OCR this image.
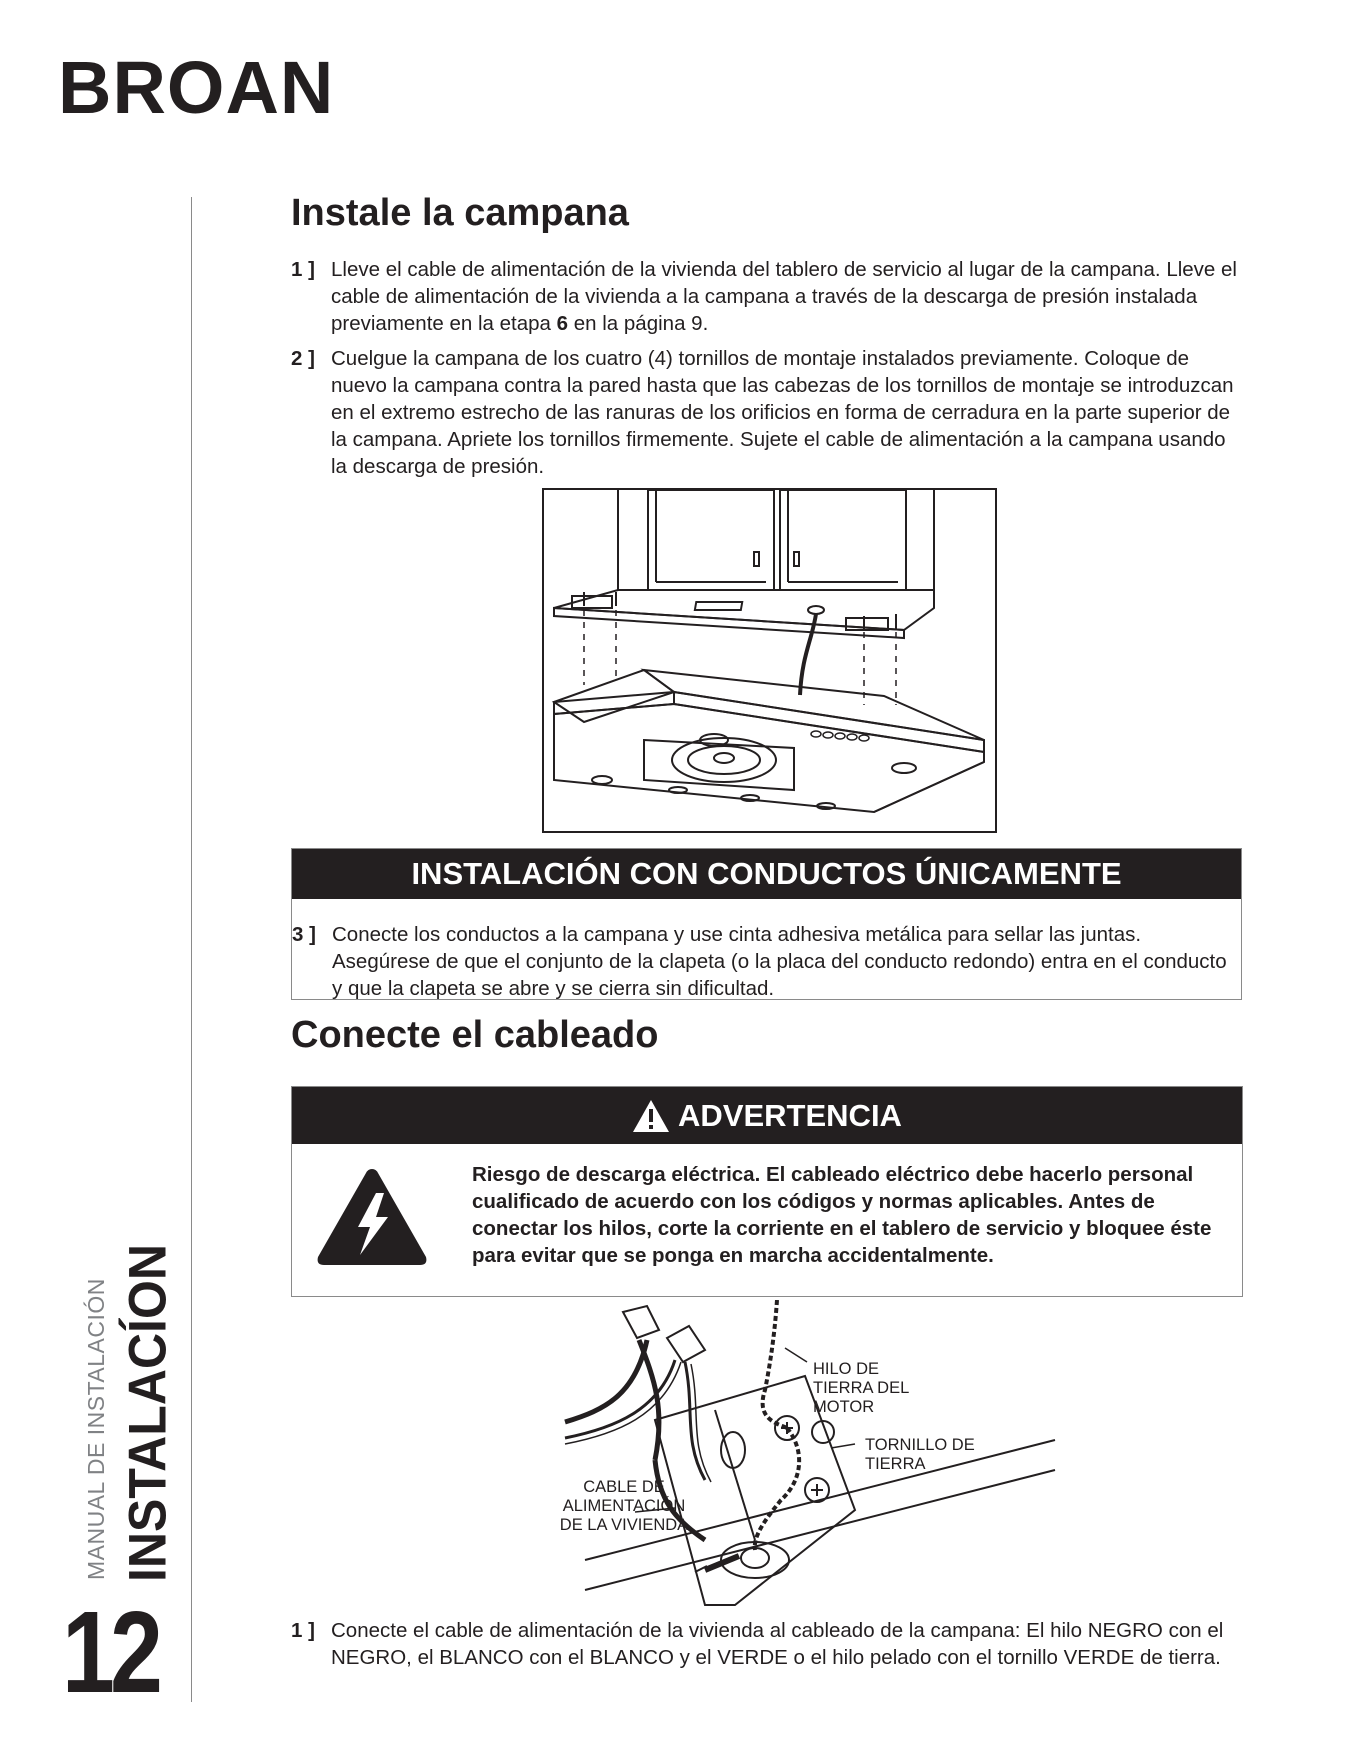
BROAN
MANUAL DE INSTALACIÓN INSTALACÍON
12
Instale la campana
1 ] Lleve el cable de alimentación de la vivienda del tablero de servicio al lugar de la campana. Lleve el cable de alimentación de la vivienda a la campana a través de la descarga de presión instalada previamente en la etapa 6 en la página 9.
2 ] Cuelgue la campana de los cuatro (4) tornillos de montaje instalados previamente. Coloque de nuevo la campana contra la pared hasta que las cabezas de los tornillos de montaje se introduzcan en el extremo estrecho de las ranuras de los orificios en forma de cerradura en la parte superior de la campana. Apriete los tornillos firmemente. Sujete el cable de alimentación a la campana usando la descarga de presión.
INSTALACIÓN CON CONDUCTOS ÚNICAMENTE
3 ] Conecte los conductos a la campana y use cinta adhesiva metálica para sellar las juntas. Asegúrese de que el conjunto de la clapeta (o la placa del conducto redondo) entra en el conducto y que la clapeta se abre y se cierra sin dificultad.
Conecte el cableado
ADVERTENCIA
Riesgo de descarga eléctrica. El cableado eléctrico debe hacerlo personal cualificado de acuerdo con los códigos y normas aplicables. Antes de conectar los hilos, corte la corriente en el tablero de servicio y bloquee éste para evitar que se ponga en marcha accidentalmente.
HILO DE TIERRA DEL MOTOR
TORNILLO DE TIERRA
CABLE DE ALIMENTACIÓN DE LA VIVIENDA
1 ] Conecte el cable de alimentación de la vivienda al cableado de la campana: El hilo NEGRO con el NEGRO, el BLANCO con el BLANCO y el VERDE o el hilo pelado con el tornillo VERDE de tierra.
